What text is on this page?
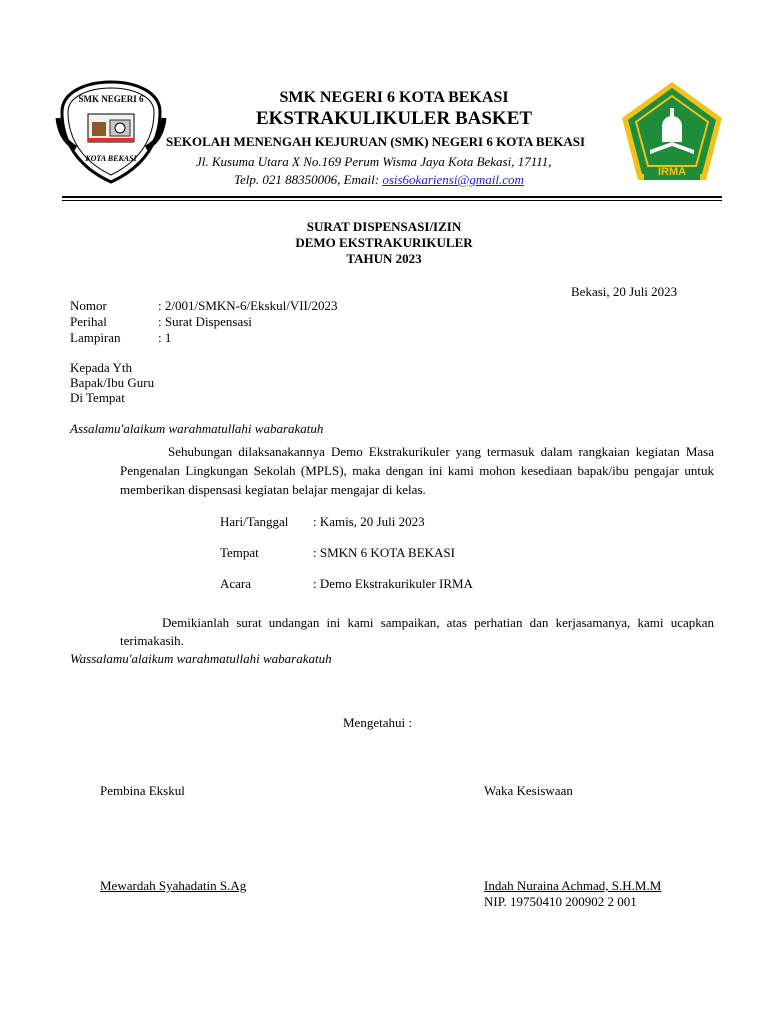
SMK NEGERI 6
KOTA BEKASI
IRMA
SMK NEGERI 6 KOTA BEKASI
EKSTRAKULIKULER BASKET
SEKOLAH MENENGAH KEJURUAN (SMK) NEGERI 6 KOTA BEKASI
Jl. Kusuma Utara X No.169 Perum Wisma Jaya Kota Bekasi, 17111,
Telp. 021 88350006, Email: osis6okariensi@gmail.com
SURAT DISPENSASI/IZIN
DEMO EKSTRAKURIKULER
TAHUN 2023
Bekasi, 20 Juli 2023
Nomor	: 2/001/SMKN-6/Ekskul/VII/2023
Perihal	: Surat Dispensasi
Lampiran	: 1
Kepada Yth
Bapak/Ibu Guru
Di Tempat
Assalamu'alaikum warahmatullahi wabarakatuh
Sehubungan dilaksanakannya Demo Ekstrakurikuler yang termasuk dalam rangkaian kegiatan Masa Pengenalan Lingkungan Sekolah (MPLS), maka dengan ini kami mohon kesediaan bapak/ibu pengajar untuk memberikan dispensasi kegiatan belajar mengajar di kelas.
Hari/Tanggal : Kamis, 20 Juli 2023
Tempat	: SMKN 6 KOTA BEKASI
Acara	: Demo Ekstrakurikuler IRMA
Demikianlah surat undangan ini kami sampaikan, atas perhatian dan kerjasamanya, kami ucapkan terimakasih.
Wassalamu'alaikum warahmatullahi wabarakatuh
Mengetahui :
Pembina Ekskul	Waka Kesiswaan
Mewardah Syahadatin S.Ag	Indah Nuraina Achmad, S.H.M.M
NIP. 19750410 200902 2 001
